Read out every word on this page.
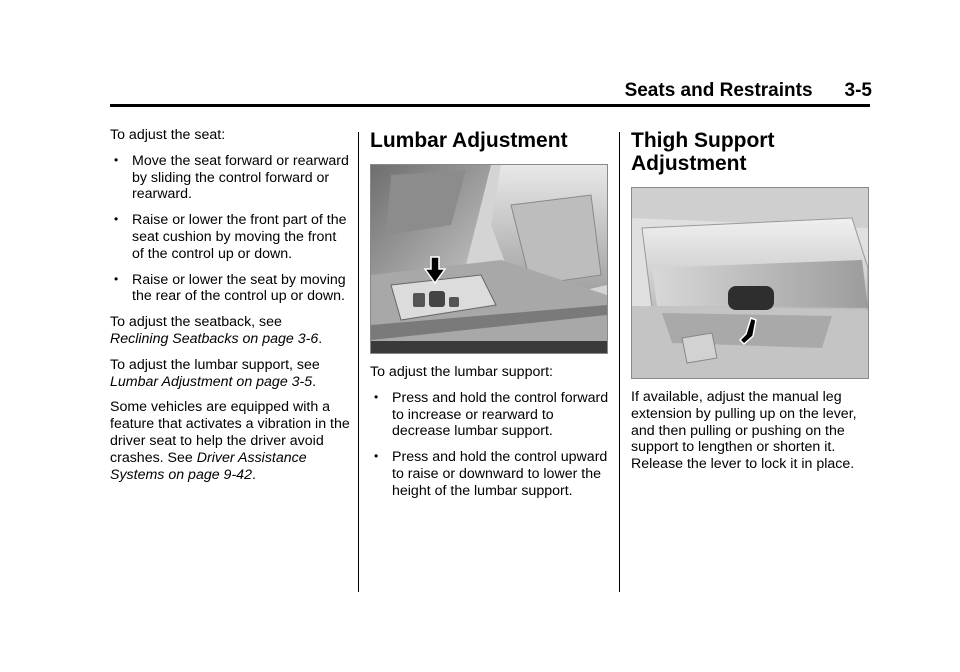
Seats and Restraints 3-5

To adjust the seat:

• Move the seat forward or rearward by sliding the control forward or rearward.
• Raise or lower the front part of the seat cushion by moving the front of the control up or down.
• Raise or lower the seat by moving the rear of the control up or down.

To adjust the seatback, see
Reclining Seatbacks on page 3-6.

To adjust the lumbar support, see
Lumbar Adjustment on page 3-5.

Some vehicles are equipped with a feature that activates a vibration in the driver seat to help the driver avoid crashes. See Driver Assistance Systems on page 9-42.

Lumbar Adjustment

To adjust the lumbar support:

• Press and hold the control forward to increase or rearward to decrease lumbar support.
• Press and hold the control upward to raise or downward to lower the height of the lumbar support.
Thigh Support
Adjustment

If available, adjust the manual leg extension by pulling up on the lever, and then pulling or pushing on the support to lengthen or shorten it. Release the lever to lock it in place.
